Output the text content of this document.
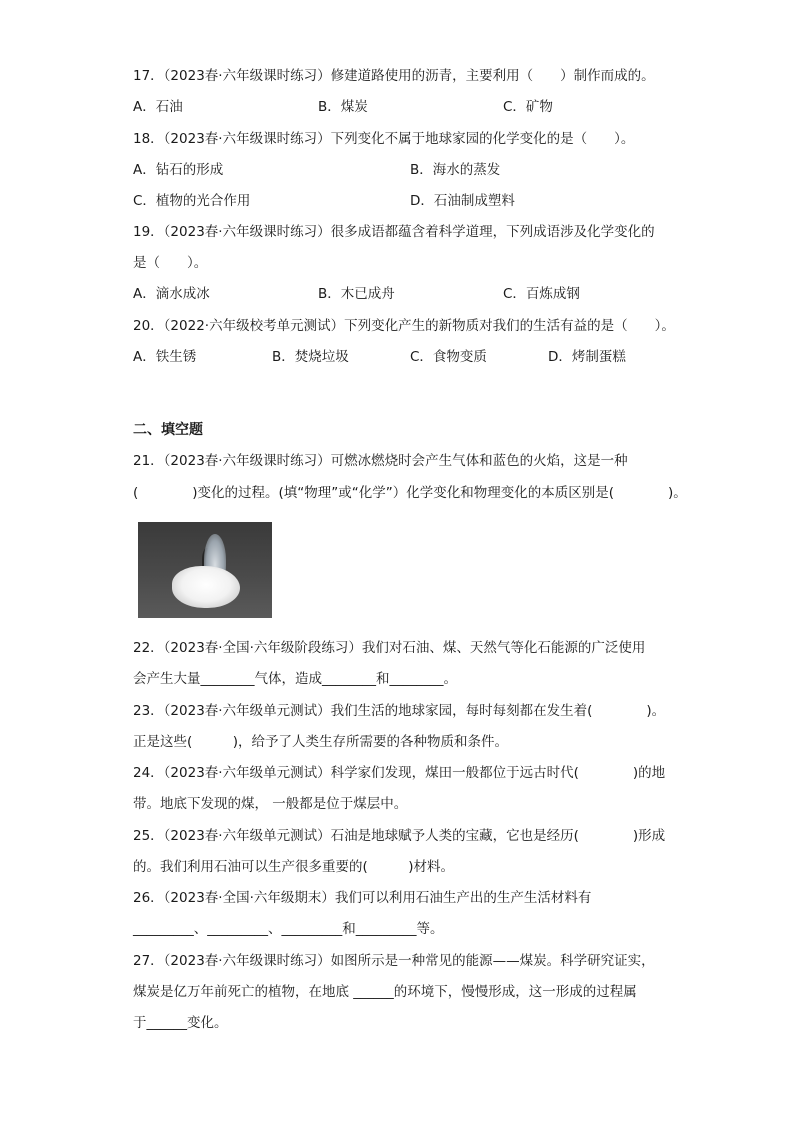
17．（2023春·六年级课时练习）修建道路使用的沥青，主要利用（　　）制作而成的。
A．石油	B．煤炭	C．矿物
18．（2023春·六年级课时练习）下列变化不属于地球家园的化学变化的是（　　）。
A．钻石的形成	B．海水的蒸发
C．植物的光合作用	D．石油制成塑料
19．（2023春·六年级课时练习）很多成语都蕴含着科学道理，下列成语涉及化学变化的
是（　　）。
A．滴水成冰	B．木已成舟	C．百炼成钢
20．（2022·六年级校考单元测试）下列变化产生的新物质对我们的生活有益的是（　　）。
A．铁生锈	B．焚烧垃圾	C．食物变质	D．烤制蛋糕
二、填空题
21．（2023春·六年级课时练习）可燃冰燃烧时会产生气体和蓝色的火焰，这是一种
(　　　　)变化的过程。(填“物理”或“化学”）化学变化和物理变化的本质区别是(　　　　)。
22．（2023春·全国·六年级阶段练习）我们对石油、煤、天然气等化石能源的广泛使用
会产生大量________气体，造成________和________。
23．（2023春·六年级单元测试）我们生活的地球家园，每时每刻都在发生着(　　　　)。
正是这些(　　　)，给予了人类生存所需要的各种物质和条件。
24．（2023春·六年级单元测试）科学家们发现，煤田一般都位于远古时代(　　　　)的地
带。地底下发现的煤， 一般都是位于煤层中。
25．（2023春·六年级单元测试）石油是地球赋予人类的宝藏，它也是经历(　　　　)形成
的。我们利用石油可以生产很多重要的(　　　)材料。
26．（2023春·全国·六年级期末）我们可以利用石油生产出的生产生活材料有
_________、_________、_________和_________等。
27．（2023春·六年级课时练习）如图所示是一种常见的能源——煤炭。科学研究证实，
煤炭是亿万年前死亡的植物，在地底 ______的环境下，慢慢形成，这一形成的过程属
于______变化。
